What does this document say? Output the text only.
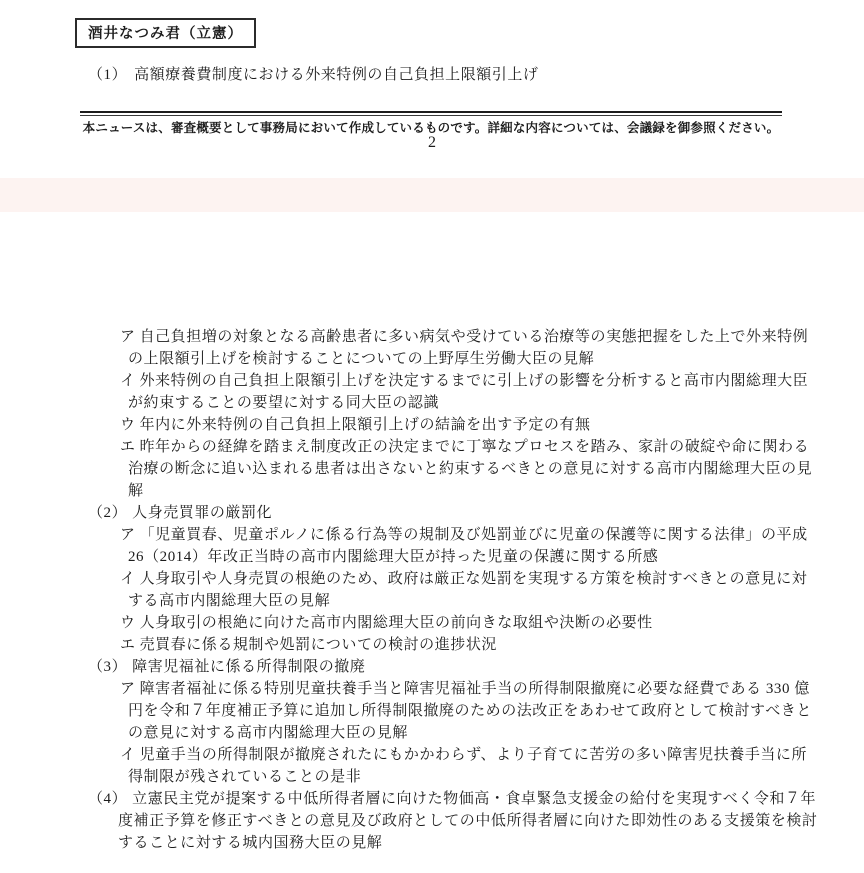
酒井なつみ君（立憲）
（1） 高額療養費制度における外来特例の自己負担上限額引上げ
本ニュースは、審査概要として事務局において作成しているものです。詳細な内容については、会議録を御参照ください。
2
ア 自己負担増の対象となる高齢患者に多い病気や受けている治療等の実態把握をした上で外来特例
の上限額引上げを検討することについての上野厚生労働大臣の見解
イ 外来特例の自己負担上限額引上げを決定するまでに引上げの影響を分析すると高市内閣総理大臣
が約束することの要望に対する同大臣の認識
ウ 年内に外来特例の自己負担上限額引上げの結論を出す予定の有無
エ 昨年からの経緯を踏まえ制度改正の決定までに丁寧なプロセスを踏み、家計の破綻や命に関わる
治療の断念に追い込まれる患者は出さないと約束するべきとの意見に対する高市内閣総理大臣の見
解
（2） 人身売買罪の厳罰化
ア 「児童買春、児童ポルノに係る行為等の規制及び処罰並びに児童の保護等に関する法律」の平成
26（2014）年改正当時の高市内閣総理大臣が持った児童の保護に関する所感
イ 人身取引や人身売買の根絶のため、政府は厳正な処罰を実現する方策を検討すべきとの意見に対
する高市内閣総理大臣の見解
ウ 人身取引の根絶に向けた高市内閣総理大臣の前向きな取組や決断の必要性
エ 売買春に係る規制や処罰についての検討の進捗状況
（3） 障害児福祉に係る所得制限の撤廃
ア 障害者福祉に係る特別児童扶養手当と障害児福祉手当の所得制限撤廃に必要な経費である 330 億
円を令和７年度補正予算に追加し所得制限撤廃のための法改正をあわせて政府として検討すべきと
の意見に対する高市内閣総理大臣の見解
イ 児童手当の所得制限が撤廃されたにもかかわらず、より子育てに苦労の多い障害児扶養手当に所
得制限が残されていることの是非
（4） 立憲民主党が提案する中低所得者層に向けた物価高・食卓緊急支援金の給付を実現すべく令和７年
度補正予算を修正すべきとの意見及び政府としての中低所得者層に向けた即効性のある支援策を検討
することに対する城内国務大臣の見解
